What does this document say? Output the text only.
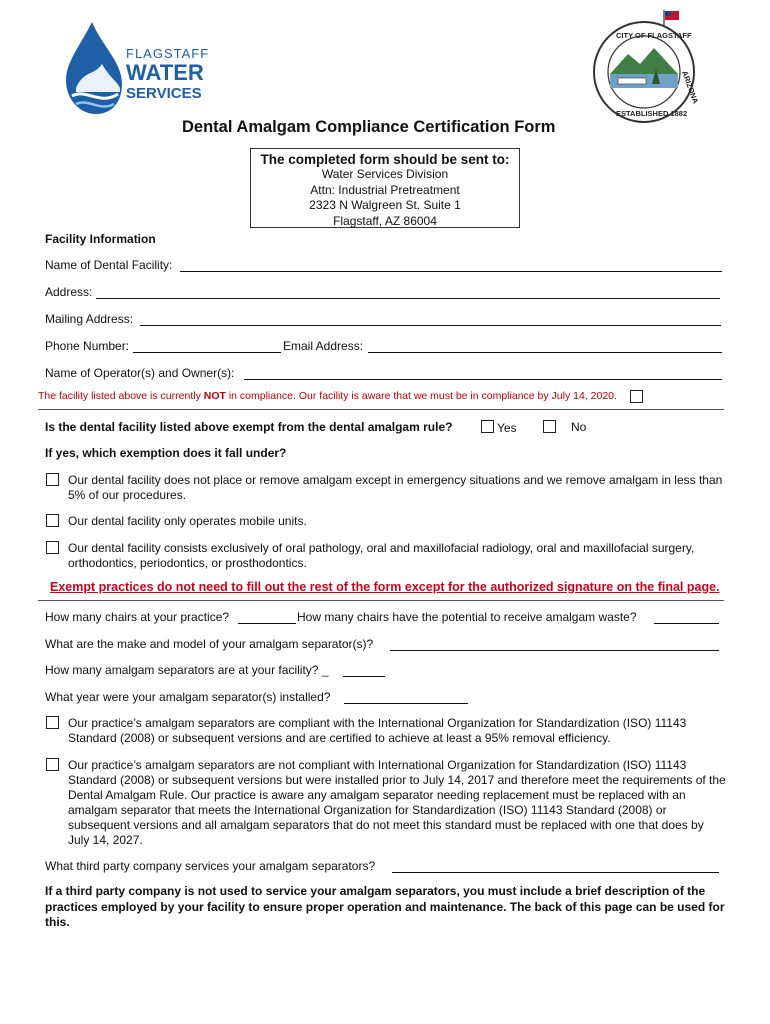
FLAGSTAFF
WATER
SERVICES
CITY OF FLAGSTAFF
ARIZONA
ESTABLISHED 1882
Dental Amalgam Compliance Certification Form
The completed form should be sent to:
Water Services Division
Attn: Industrial Pretreatment
2323 N Walgreen St. Suite 1
Flagstaff, AZ 86004
Facility Information
Name of Dental Facility:
Address:
Mailing Address:
Phone Number:	Email Address:
Name of Operator(s) and Owner(s):
The facility listed above is currently NOT in compliance. Our facility is aware that we must be in compliance by July 14, 2020.
Is the dental facility listed above exempt from the dental amalgam rule?	Yes	No
If yes, which exemption does it fall under?
Our dental facility does not place or remove amalgam except in emergency situations and we remove amalgam in less than 5% of our procedures.
Our dental facility only operates mobile units.
Our dental facility consists exclusively of oral pathology, oral and maxillofacial radiology, oral and maxillofacial surgery, orthodontics, periodontics, or prosthodontics.
Exempt practices do not need to fill out the rest of the form except for the authorized signature on the final page.
How many chairs at your practice?	How many chairs have the potential to receive amalgam waste?
What are the make and model of your amalgam separator(s)?
How many amalgam separators are at your facility? _
What year were your amalgam separator(s) installed?
Our practice’s amalgam separators are compliant with the International Organization for Standardization (ISO) 11143 Standard (2008) or subsequent versions and are certified to achieve at least a 95% removal efficiency.
Our practice’s amalgam separators are not compliant with International Organization for Standardization (ISO) 11143 Standard (2008) or subsequent versions but were installed prior to July 14, 2017 and therefore meet the requirements of the Dental Amalgam Rule. Our practice is aware any amalgam separator needing replacement must be replaced with an amalgam separator that meets the International Organization for Standardization (ISO) 11143 Standard (2008) or subsequent versions and all amalgam separators that do not meet this standard must be replaced with one that does by July 14, 2027.
What third party company services your amalgam separators?
If a third party company is not used to service your amalgam separators, you must include a brief description of the practices employed by your facility to ensure proper operation and maintenance. The back of this page can be used for this.
